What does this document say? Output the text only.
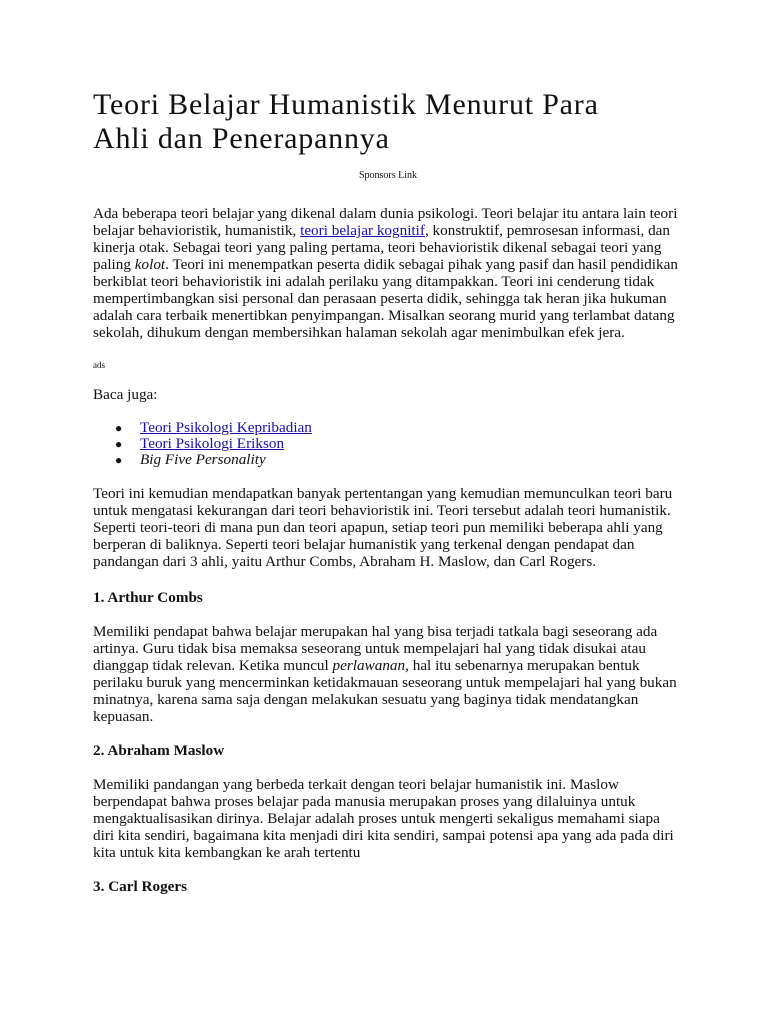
Teori Belajar Humanistik Menurut Para
Ahli dan Penerapannya
Sponsors Link

Ada beberapa teori belajar yang dikenal dalam dunia psikologi. Teori belajar itu antara lain teori belajar behavioristik, humanistik, teori belajar kognitif, konstruktif, pemrosesan informasi, dan kinerja otak. Sebagai teori yang paling pertama, teori behavioristik dikenal sebagai teori yang paling kolot. Teori ini menempatkan peserta didik sebagai pihak yang pasif dan hasil pendidikan berkiblat teori behavioristik ini adalah perilaku yang ditampakkan. Teori ini cenderung tidak mempertimbangkan sisi personal dan perasaan peserta didik, sehingga tak heran jika hukuman adalah cara terbaik menertibkan penyimpangan. Misalkan seorang murid yang terlambat datang sekolah, dihukum dengan membersihkan halaman sekolah agar menimbulkan efek jera.

ads

Baca juga:

● Teori Psikologi Kepribadian
● Teori Psikologi Erikson
● Big Five Personality

Teori ini kemudian mendapatkan banyak pertentangan yang kemudian memunculkan teori baru untuk mengatasi kekurangan dari teori behavioristik ini. Teori tersebut adalah teori humanistik. Seperti teori-teori di mana pun dan teori apapun, setiap teori pun memiliki beberapa ahli yang berperan di baliknya. Seperti teori belajar humanistik yang terkenal dengan pendapat dan pandangan dari 3 ahli, yaitu Arthur Combs, Abraham H. Maslow, dan Carl Rogers.

1. Arthur Combs

Memiliki pendapat bahwa belajar merupakan hal yang bisa terjadi tatkala bagi seseorang ada artinya. Guru tidak bisa memaksa seseorang untuk mempelajari hal yang tidak disukai atau dianggap tidak relevan. Ketika muncul perlawanan, hal itu sebenarnya merupakan bentuk perilaku buruk yang mencerminkan ketidakmauan seseorang untuk mempelajari hal yang bukan minatnya, karena sama saja dengan melakukan sesuatu yang baginya tidak mendatangkan kepuasan.

2. Abraham Maslow

Memiliki pandangan yang berbeda terkait dengan teori belajar humanistik ini. Maslow berpendapat bahwa proses belajar pada manusia merupakan proses yang dilaluinya untuk mengaktualisasikan dirinya. Belajar adalah proses untuk mengerti sekaligus memahami siapa diri kita sendiri, bagaimana kita menjadi diri kita sendiri, sampai potensi apa yang ada pada diri kita untuk kita kembangkan ke arah tertentu

3. Carl Rogers
